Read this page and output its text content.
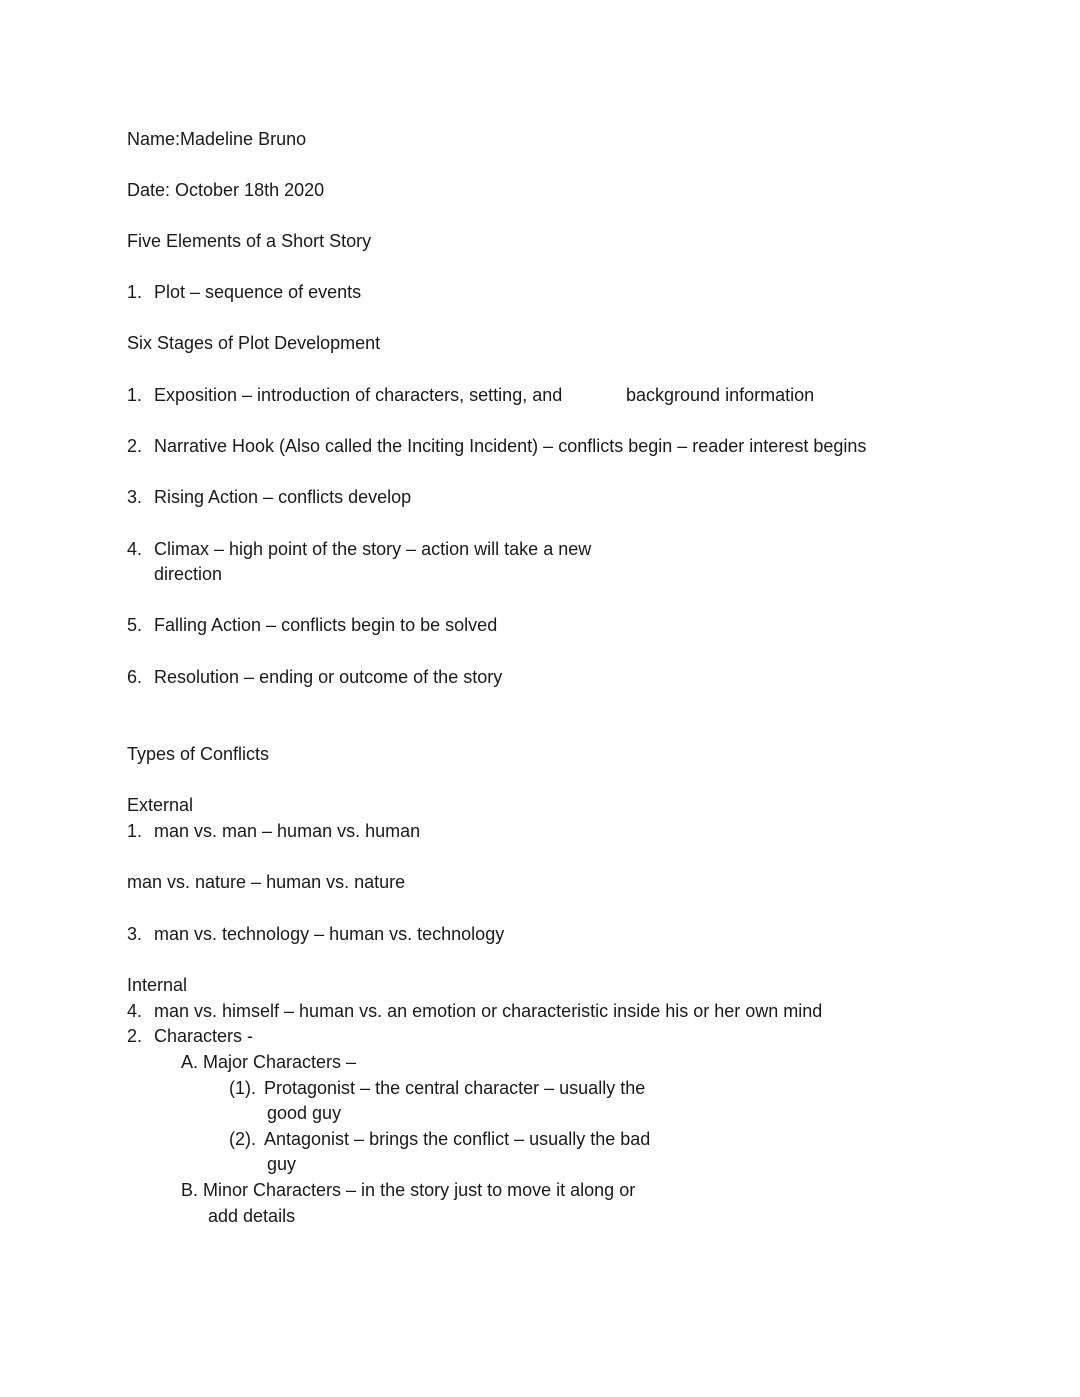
Name:Madeline Bruno
Date: October 18th 2020
Five Elements of a Short Story
1. Plot – sequence of events
Six Stages of Plot Development
1. Exposition – introduction of characters, setting, and	background information
2. Narrative Hook (Also called the Inciting Incident) – conflicts begin – reader interest begins
3. Rising Action – conflicts develop
4. Climax – high point of the story – action will take a new
direction
5. Falling Action – conflicts begin to be solved
6. Resolution – ending or outcome of the story
Types of Conflicts
External
1. man vs. man – human vs. human
man vs. nature – human vs. nature
3. man vs. technology – human vs. technology
Internal
4. man vs. himself – human vs. an emotion or characteristic inside his or her own mind
2. Characters -
A. Major Characters –
(1). Protagonist – the central character – usually the
good guy
(2). Antagonist – brings the conflict – usually the bad
guy
B. Minor Characters – in the story just to move it along or
add details
